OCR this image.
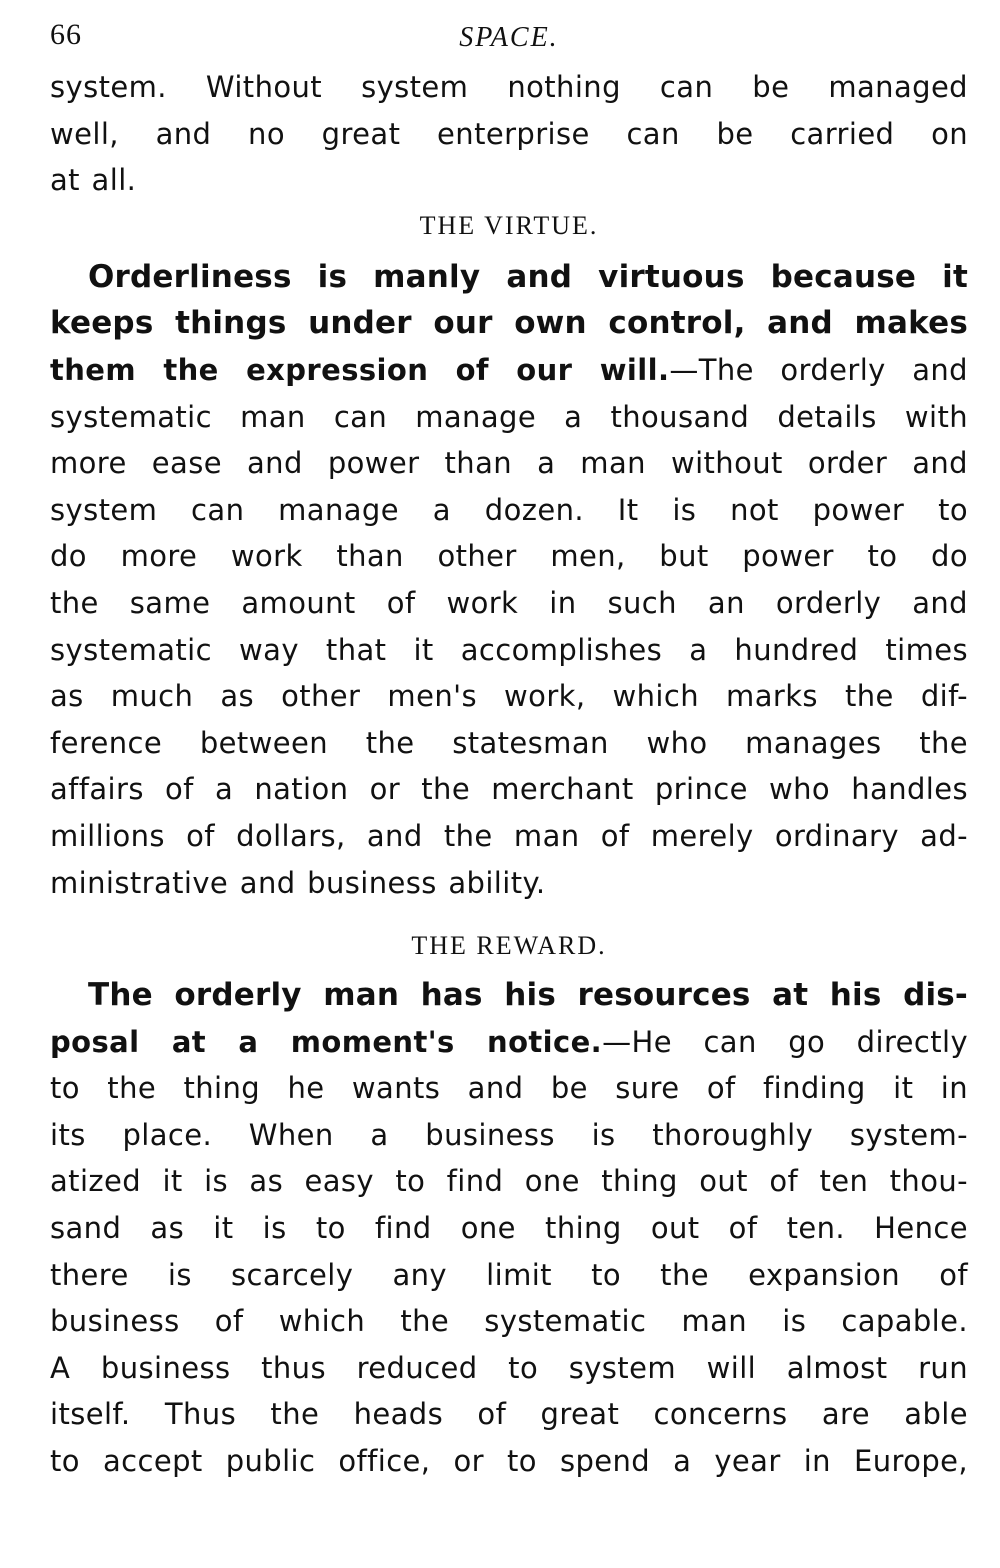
66	SPACE.
system. Without system nothing can be managed
well, and no great enterprise can be carried on
at all.
THE VIRTUE.
Orderliness is manly and virtuous because it
keeps things under our own control, and makes
them the expression of our will.—The orderly and
systematic man can manage a thousand details with
more ease and power than a man without order and
system can manage a dozen. It is not power to
do more work than other men, but power to do
the same amount of work in such an orderly and
systematic way that it accomplishes a hundred times
as much as other men's work, which marks the dif-
ference between the statesman who manages the
affairs of a nation or the merchant prince who handles
millions of dollars, and the man of merely ordinary ad-
ministrative and business ability.
THE REWARD.
The orderly man has his resources at his dis-
posal at a moment's notice.—He can go directly
to the thing he wants and be sure of finding it in
its place. When a business is thoroughly system-
atized it is as easy to find one thing out of ten thou-
sand as it is to find one thing out of ten. Hence
there is scarcely any limit to the expansion of
business of which the systematic man is capable.
A business thus reduced to system will almost run
itself. Thus the heads of great concerns are able
to accept public office, or to spend a year in Europe,
